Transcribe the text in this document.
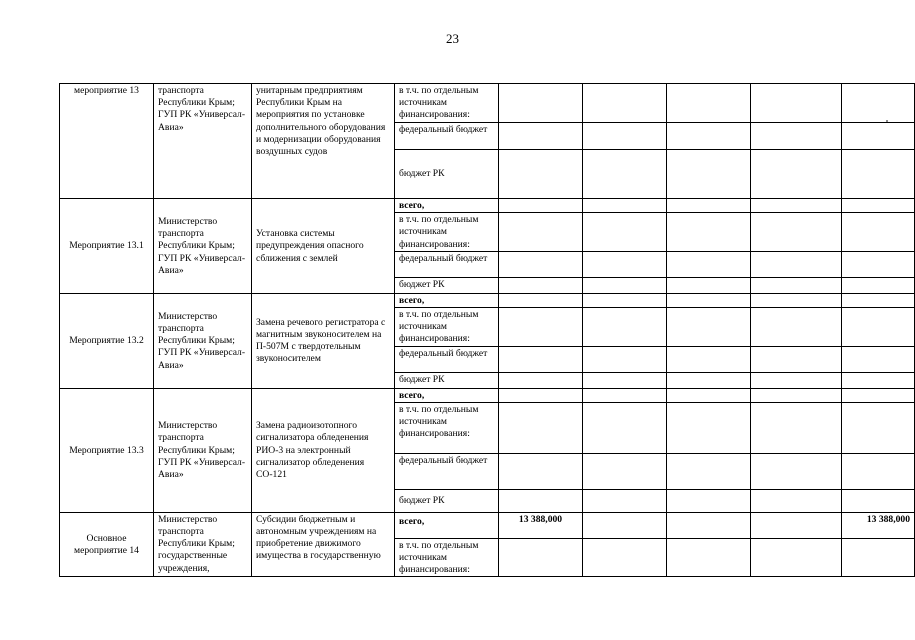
23
мероприятие 13	транспорта Республики Крым; ГУП РК «Универсал-Авиа»	унитарным предприятиям Республики Крым на мероприятия по установке дополнительного оборудования и модернизации оборудования воздушных судов	в т.ч. по отдельным источникам финансирования:					
			федеральный бюджет					
			бюджет РК					
Мероприятие 13.1	Министерство транспорта Республики Крым; ГУП РК «Универсал-Авиа»	Установка системы предупреждения опасного сближения с землей	всего,					
			в т.ч. по отдельным источникам финансирования:					
			федеральный бюджет					
			бюджет РК					
Мероприятие 13.2	Министерство транспорта Республики Крым; ГУП РК «Универсал-Авиа»	Замена речевого регистратора с магнитным звуконосителем на П-507М с твердотельным звуконосителем	всего,					
			в т.ч. по отдельным источникам финансирования:					
			федеральный бюджет					
			бюджет РК					
Мероприятие 13.3	Министерство транспорта Республики Крым; ГУП РК «Универсал-Авиа»	Замена радиоизотопного сигнализатора обледенения РИО-3 на электронный сигнализатор обледенения СО-121	всего,					
			в т.ч. по отдельным источникам финансирования:					
			федеральный бюджет					
			бюджет РК					
Основное мероприятие 14	Министерство транспорта Республики Крым; государственные учреждения,	Субсидии бюджетным и автономным учреждениям на приобретение движимого имущества в государственную	всего,	13 388,000				13 388,000
			в т.ч. по отдельным источникам финансирования:					
